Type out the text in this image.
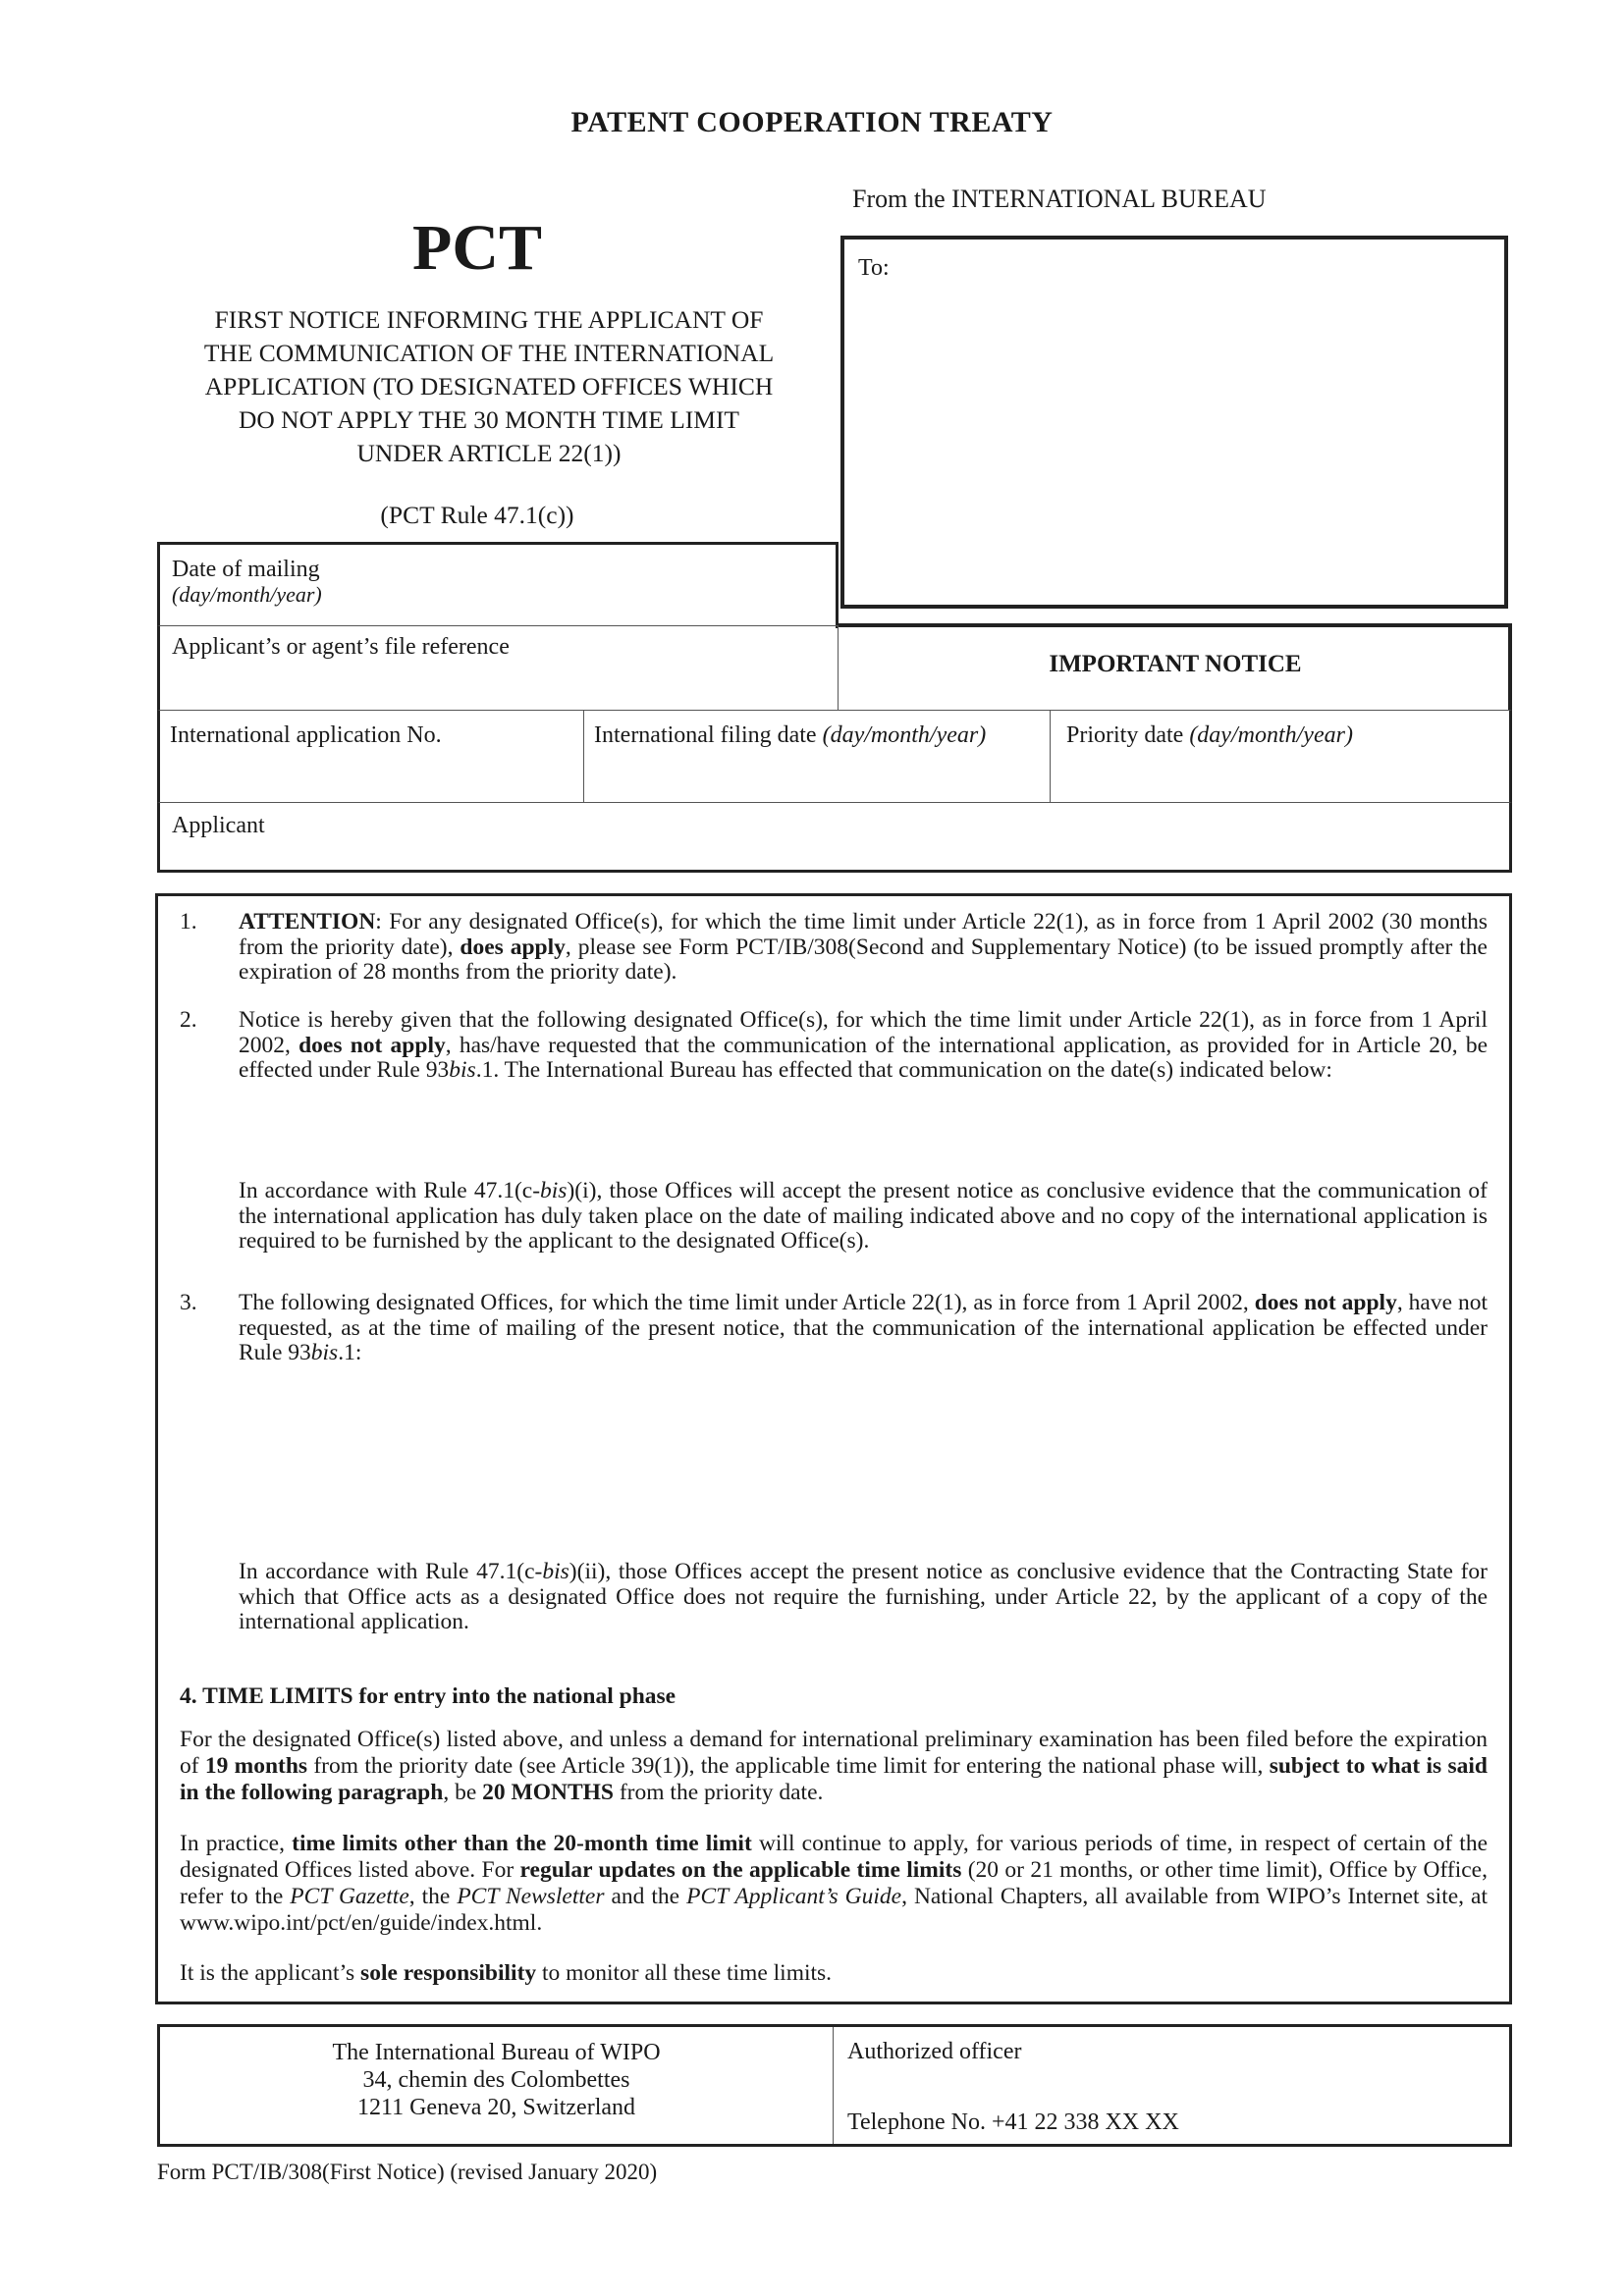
PATENT COOPERATION TREATY
From the INTERNATIONAL BUREAU
To:
PCT
FIRST NOTICE INFORMING THE APPLICANT OF
THE COMMUNICATION OF THE INTERNATIONAL
APPLICATION (TO DESIGNATED OFFICES WHICH
DO NOT APPLY THE 30 MONTH TIME LIMIT
UNDER ARTICLE 22(1))
(PCT Rule 47.1(c))
Date of mailing
(day/month/year)
IMPORTANT NOTICE
Applicant’s or agent’s file reference
International application No.	International filing date (day/month/year)	Priority date (day/month/year)
Applicant
1.	ATTENTION: For any designated Office(s), for which the time limit under Article 22(1), as in force from 1 April 2002 (30 months from the priority date), does apply, please see Form PCT/IB/308(Second and Supplementary Notice) (to be issued promptly after the expiration of 28 months from the priority date).
2.	Notice is hereby given that the following designated Office(s), for which the time limit under Article 22(1), as in force from 1 April 2002, does not apply, has/have requested that the communication of the international application, as provided for in Article 20, be effected under Rule 93bis.1. The International Bureau has effected that communication on the date(s) indicated below:
In accordance with Rule 47.1(c-bis)(i), those Offices will accept the present notice as conclusive evidence that the communication of the international application has duly taken place on the date of mailing indicated above and no copy of the international application is required to be furnished by the applicant to the designated Office(s).
3.	The following designated Offices, for which the time limit under Article 22(1), as in force from 1 April 2002, does not apply, have not requested, as at the time of mailing of the present notice, that the communication of the international application be effected under Rule 93bis.1:
In accordance with Rule 47.1(c-bis)(ii), those Offices accept the present notice as conclusive evidence that the Contracting State for which that Office acts as a designated Office does not require the furnishing, under Article 22, by the applicant of a copy of the international application.
4. TIME LIMITS for entry into the national phase
For the designated Office(s) listed above, and unless a demand for international preliminary examination has been filed before the expiration of 19 months from the priority date (see Article 39(1)), the applicable time limit for entering the national phase will, subject to what is said in the following paragraph, be 20 MONTHS from the priority date.
In practice, time limits other than the 20-month time limit will continue to apply, for various periods of time, in respect of certain of the designated Offices listed above. For regular updates on the applicable time limits (20 or 21 months, or other time limit), Office by Office, refer to the PCT Gazette, the PCT Newsletter and the PCT Applicant’s Guide, National Chapters, all available from WIPO’s Internet site, at www.wipo.int/pct/en/guide/index.html.
It is the applicant’s sole responsibility to monitor all these time limits.
The International Bureau of WIPO
34, chemin des Colombettes
1211 Geneva 20, Switzerland
Authorized officer
Telephone No. +41 22 338 XX XX
Form PCT/IB/308(First Notice) (revised January 2020)
